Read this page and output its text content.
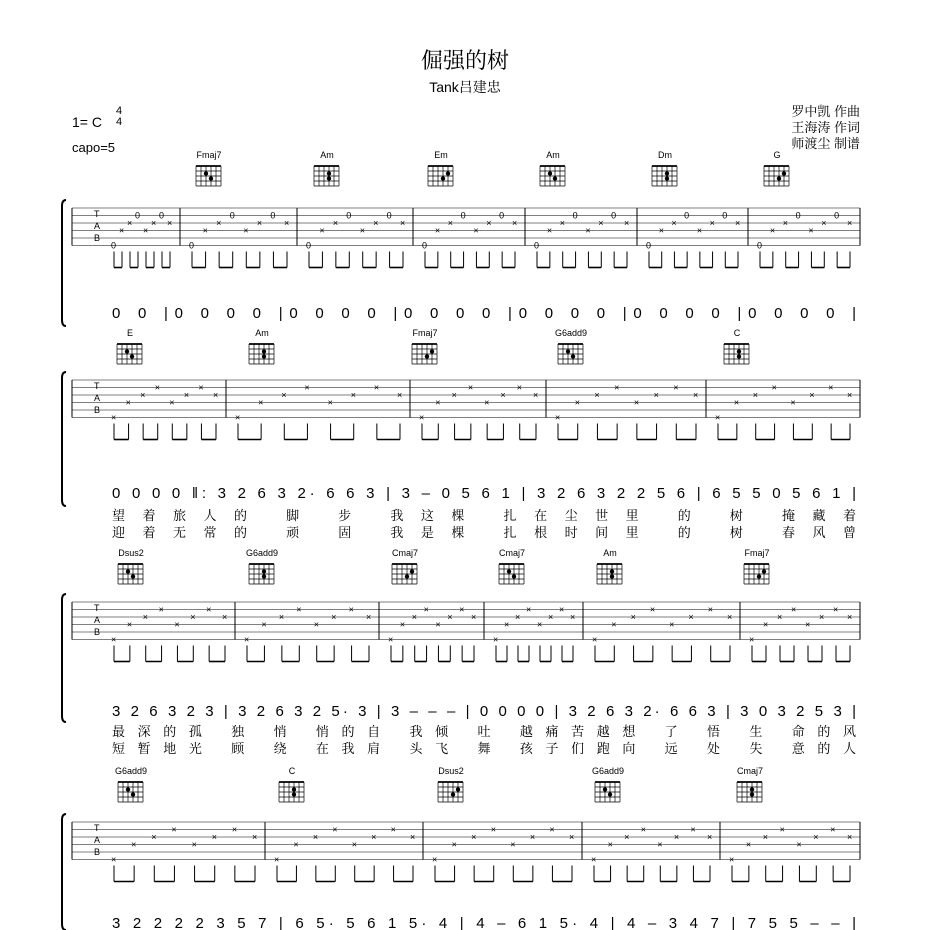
倔强的树
Tank吕建忠
1= C
4
4
capo=5
罗中凯 作曲
王海涛 作词
师渡尘 制谱
T
A
B
0
×
×
0
×
×
0
×
0
×
×
0
×
×
0
×
0
×
×
0
×
×
0
×
0
×
×
0
×
×
0
×
0
×
×
0
×
×
0
×
0
×
×
0
×
×
0
×
0
×
×
0
×
×
0
×
Fmaj7	Am	Em	Am	Dm	G
0 0 |0 0 0 0 |0 0 0 0 |0 0 0 0 |0 0 0 0 |0 0 0 0 |0 0 0 0 |
T
A
B
×
×
×
×
×
×
×
×
×
×
×
×
×
×
×
×
×
×
×
×
×
×
×
×
×
×
×
×
×
×
×
×
×
×
×
×
×
×
×
×
E	Am	Fmaj7	G6add9	C
0 0 0 0 ‖: 3 2 6 3 2· 6 6 3 | 3 – 0 5 6 1 | 3 2 6 3 2 2 5 6 | 6 5 5 0 5 6 1 |
望着旅人的 脚 步 我这棵 扎在尘世里 的 树 掩藏着
迎着无常的 顽 固 我是棵 扎根时间里 的 树 春风曾
T
A
B
×
×
×
×
×
×
×
×
×
×
×
×
×
×
×
×
×
×
×
×
×
×
×
×
×
×
×
×
×
×
×
×
×
×
×
×
×
×
×
×
×
×
×
×
×
×
×
×
Dsus2	G6add9	Cmaj7	Cmaj7	Am	Fmaj7
3 2 6 3 2 3 | 3 2 6 3 2 5· 3 | 3 – – – | 0 0 0 0 | 3 2 6 3 2· 6 6 3 | 3 0 3 2 5 3 |
最深的孤 独 悄 悄的自 我倾 吐 越痛苦越想 了 悟 生 命的风
短暂地光 顾 绕 在我肩 头飞 舞 孩子们跑向 远 处 失 意的人
T
A
B
×
×
×
×
×
×
×
×
×
×
×
×
×
×
×
×
×
×
×
×
×
×
×
×
×
×
×
×
×
×
×
×
×
×
×
×
×
×
×
×
G6add9	C	Dsus2	G6add9	Cmaj7
3 2 2 2 2 3 5 7 | 6 5· 5 6 1 5· 4 | 4 – 6 1 5· 4 | 4 – 3 4 7 | 7 5 5 – – |
